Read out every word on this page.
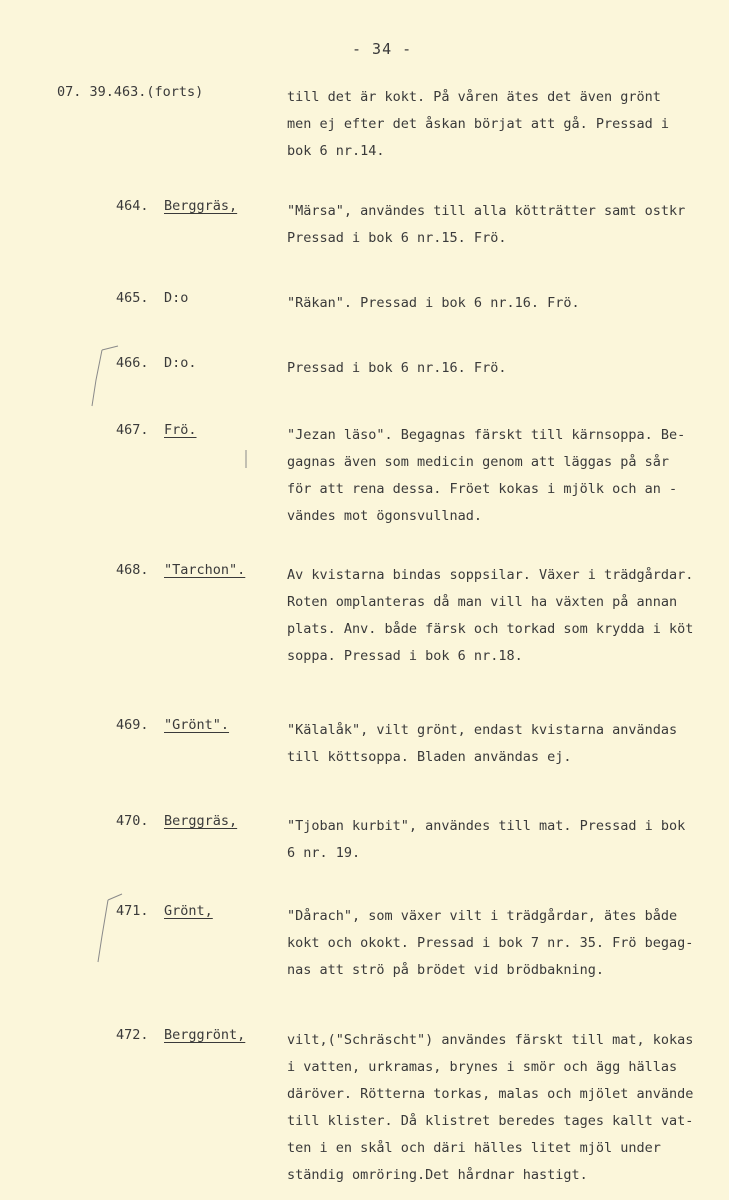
- 34 -
07. 39.463.(forts)	till det är kokt. På våren ätes det även grönt
men ej efter det åskan börjat att gå. Pressad i
bok 6 nr.14.
464. Berggräs,	"Märsa", användes till alla kötträtter samt ostkr
Pressad i bok 6 nr.15. Frö.
465. D:o	"Räkan". Pressad i bok 6 nr.16. Frö.
466. D:o.	Pressad i bok 6 nr.16. Frö.
467. Frö.	"Jezan läso". Begagnas färskt till kärnsoppa. Be-
gagnas även som medicin genom att läggas på sår
för att rena dessa. Fröet kokas i mjölk och an -
vändes mot ögonsvullnad.
468. "Tarchon".	Av kvistarna bindas soppsilar. Växer i trädgårdar.
Roten omplanteras då man vill ha växten på annan
plats. Anv. både färsk och torkad som krydda i köt
soppa. Pressad i bok 6 nr.18.
469. "Grönt".	"Kälalåk", vilt grönt, endast kvistarna användas
till köttsoppa. Bladen användas ej.
470. Berggräs,	"Tjoban kurbit", användes till mat. Pressad i bok
6 nr. 19.
471. Grönt,	"Dårach", som växer vilt i trädgårdar, ätes både
kokt och okokt. Pressad i bok 7 nr. 35. Frö begag-
nas att strö på brödet vid brödbakning.
472. Berggrönt,	vilt,("Schräscht") användes färskt till mat, kokas
i vatten, urkramas, brynes i smör och ägg hällas
däröver. Rötterna torkas, malas och mjölet använde
till klister. Då klistret beredes tages kallt vat-
ten i en skål och däri hälles litet mjöl under
ständig omröring.Det hårdnar hastigt.
